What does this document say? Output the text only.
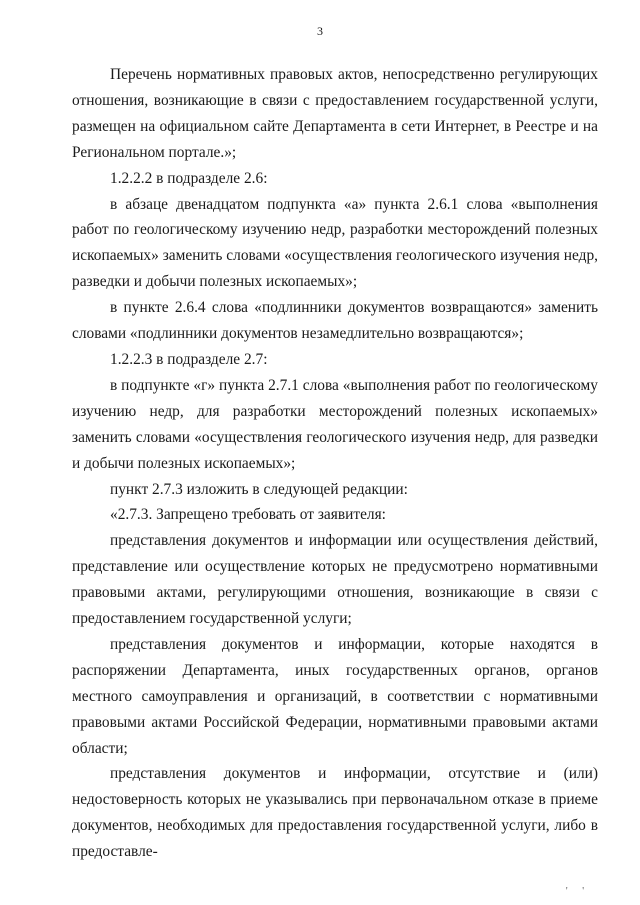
3

Перечень нормативных правовых актов, непосредственно регулирующих отношения, возникающие в связи с предоставлением государственной услуги, размещен на официальном сайте Департамента в сети Интернет, в Реестре и на Региональном портале.»;

1.2.2.2 в подразделе 2.6:

в абзаце двенадцатом подпункта «а» пункта 2.6.1 слова «выполнения работ по геологическому изучению недр, разработки месторождений полезных ископаемых» заменить словами «осуществления геологического изучения недр, разведки и добычи полезных ископаемых»;

в пункте 2.6.4 слова «подлинники документов возвращаются» заменить словами «подлинники документов незамедлительно возвращаются»;

1.2.2.3 в подразделе 2.7:

в подпункте «г» пункта 2.7.1 слова «выполнения работ по геологическому изучению недр, для разработки месторождений полезных ископаемых» заменить словами «осуществления геологического изучения недр, для разведки и добычи полезных ископаемых»;

пункт 2.7.3 изложить в следующей редакции:

«2.7.3. Запрещено требовать от заявителя:

представления документов и информации или осуществления действий, представление или осуществление которых не предусмотрено нормативными правовыми актами, регулирующими отношения, возникающие в связи с предоставлением государственной услуги;

представления документов и информации, которые находятся в распоряжении Департамента, иных государственных органов, органов местного самоуправления и организаций, в соответствии с нормативными правовыми актами Российской Федерации, нормативными правовыми актами области;

представления документов и информации, отсутствие и (или) недостоверность которых не указывались при первоначальном отказе в приеме документов, необходимых для предоставления государственной услуги, либо в предоставле-

' '
